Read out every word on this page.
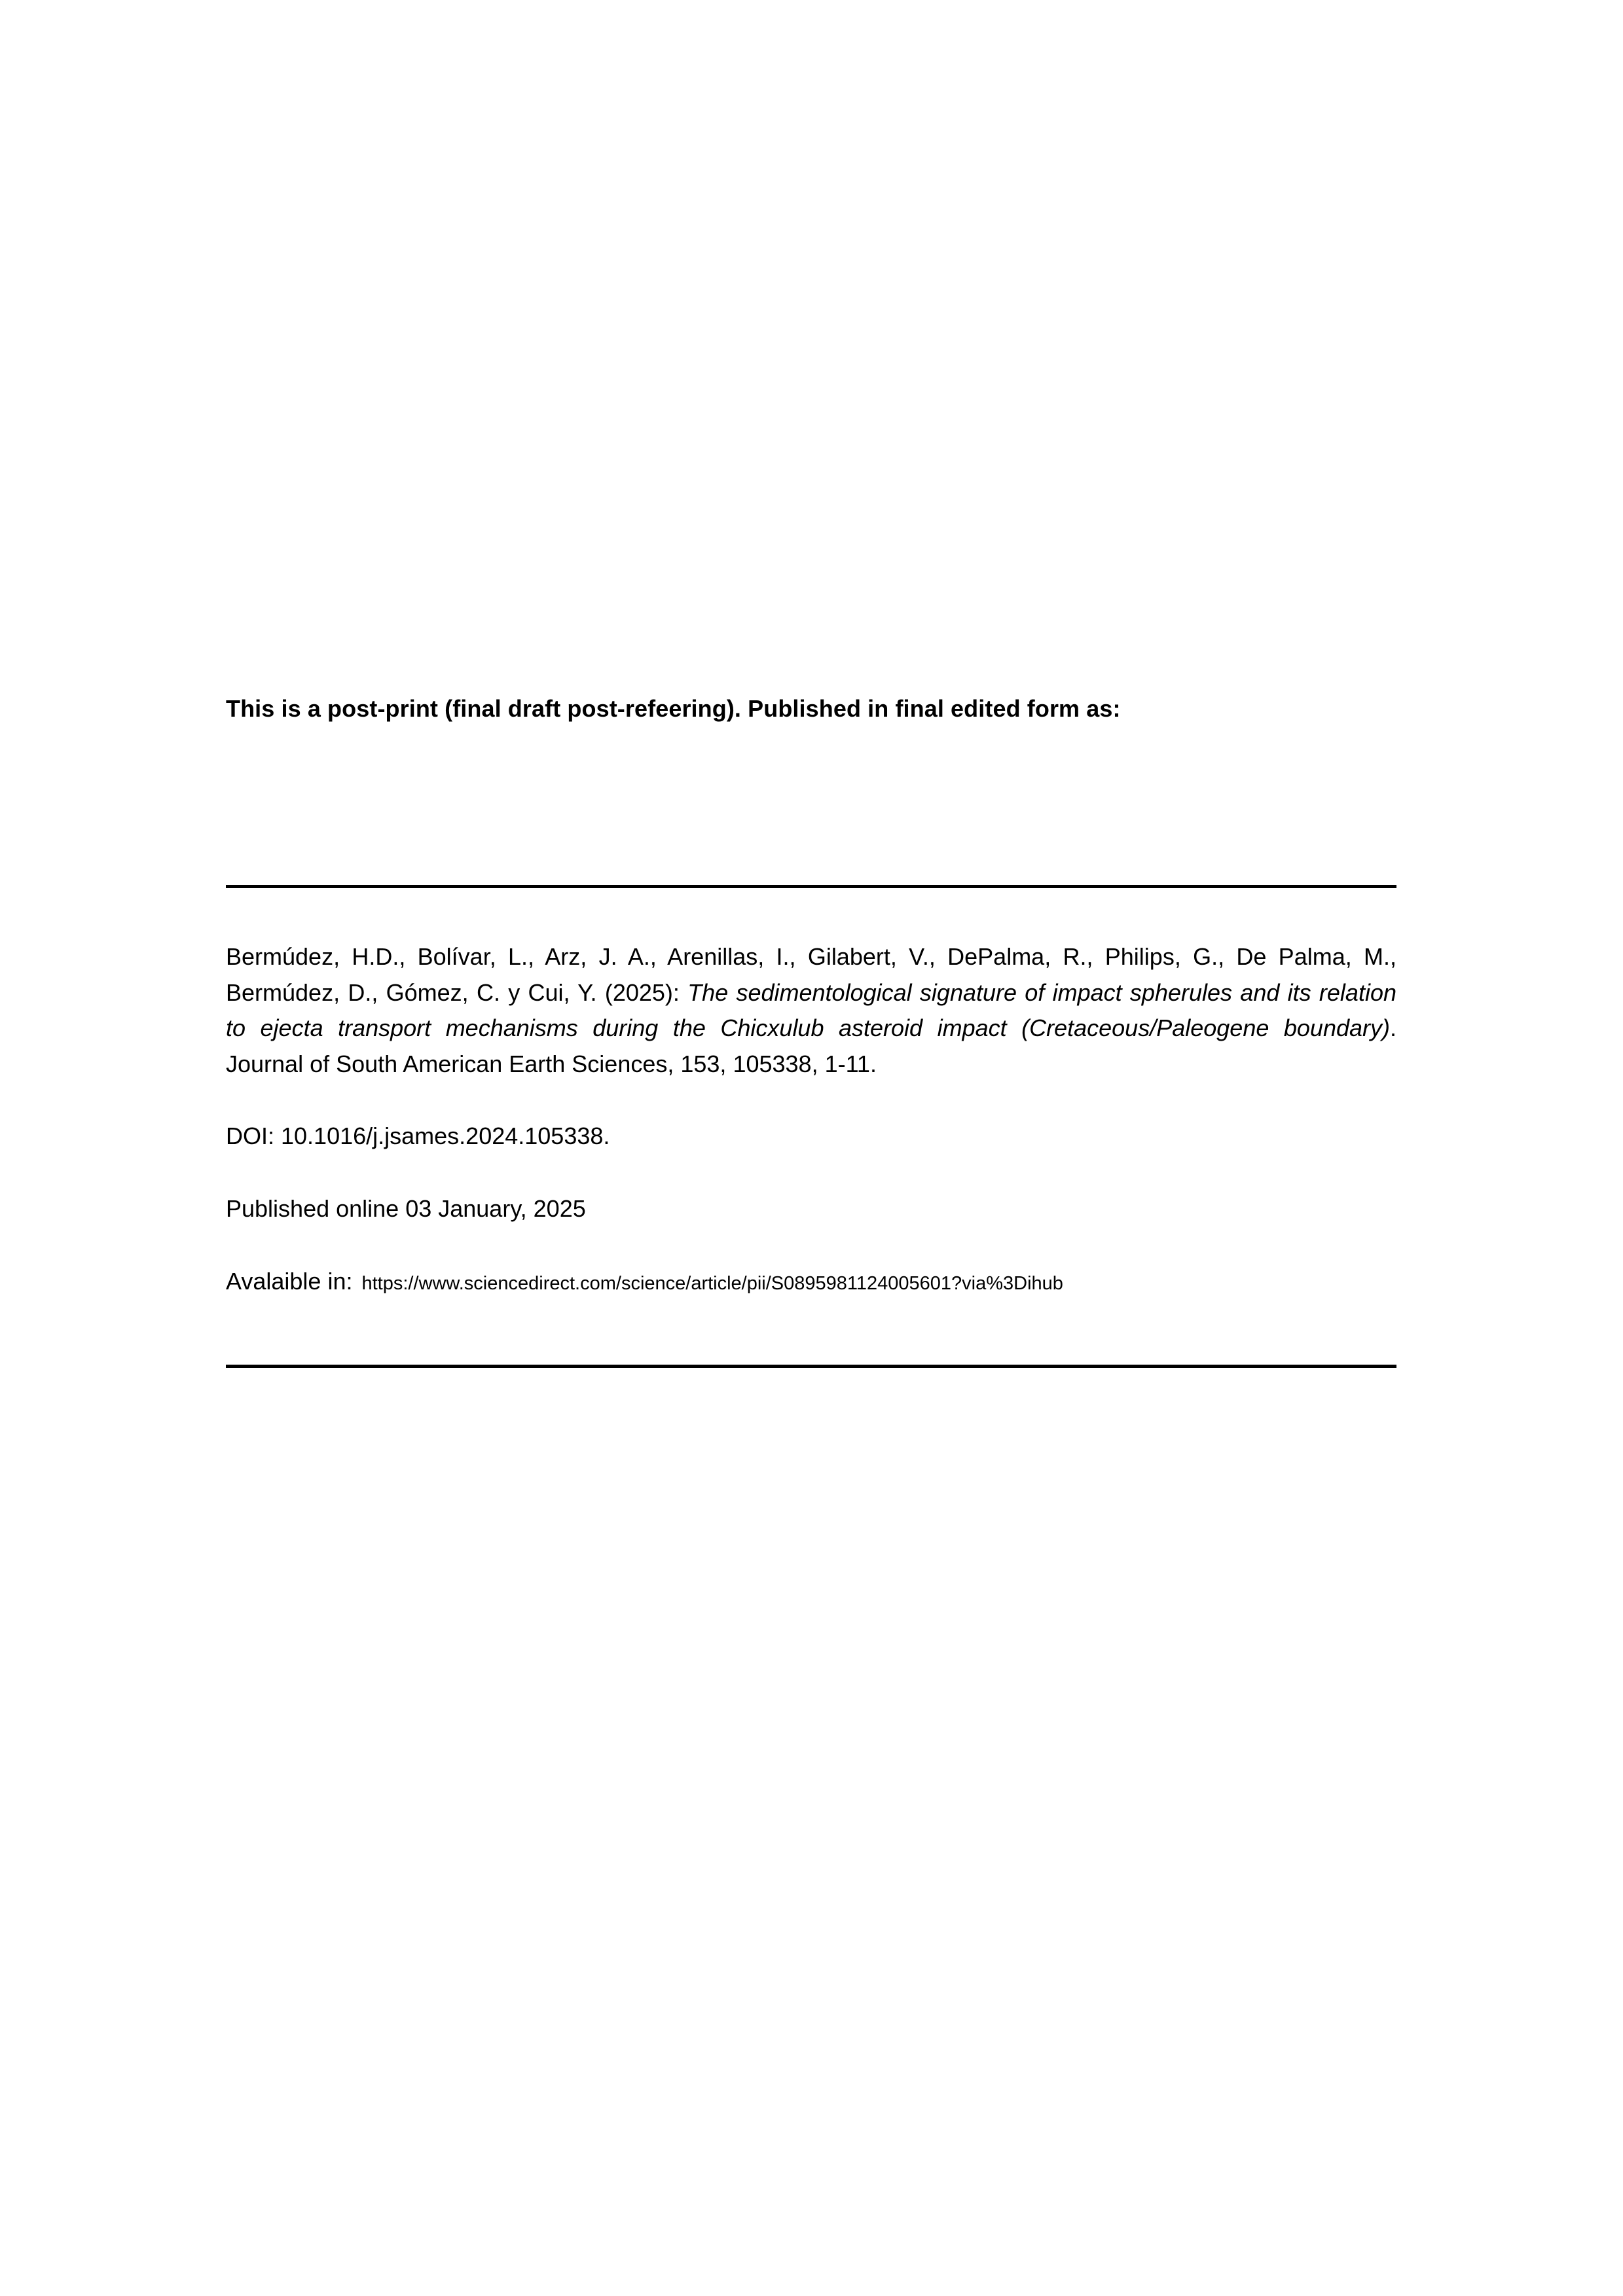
This is a post-print (final draft post-refeering). Published in final edited form as:

Bermúdez, H.D., Bolívar, L., Arz, J. A., Arenillas, I., Gilabert, V., DePalma, R., Philips, G., De Palma, M., Bermúdez, D., Gómez, C. y Cui, Y. (2025): The sedimentological signature of impact spherules and its relation to ejecta transport mechanisms during the Chicxulub asteroid impact (Cretaceous/Paleogene boundary). Journal of South American Earth Sciences, 153, 105338, 1-11.

DOI: 10.1016/j.jsames.2024.105338.

Published online 03 January, 2025

Avalaible in: https://www.sciencedirect.com/science/article/pii/S0895981124005601?via%3Dihub
